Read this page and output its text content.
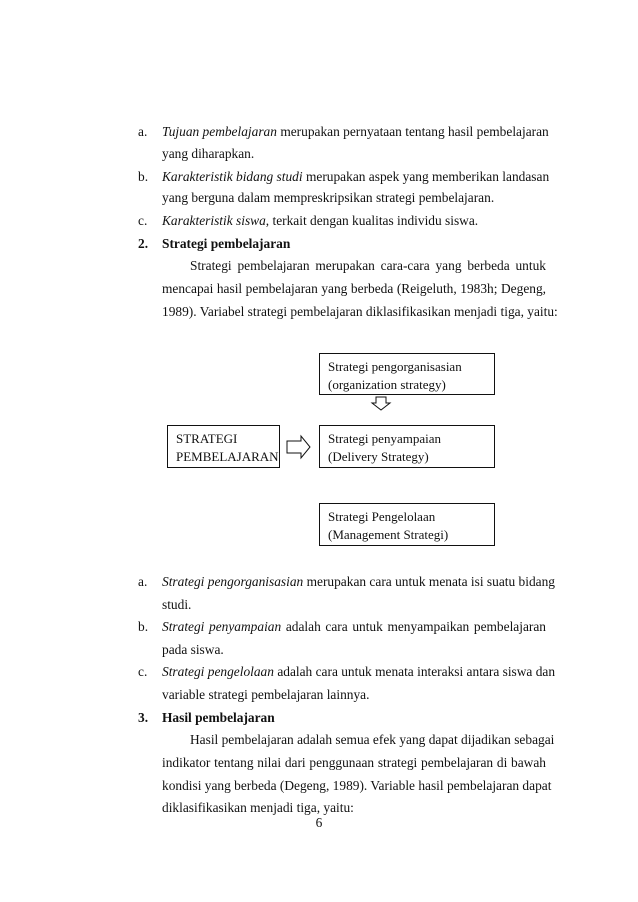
a. Tujuan pembelajaran merupakan pernyataan tentang hasil pembelajaran
yang diharapkan.
b. Karakteristik bidang studi merupakan aspek yang memberikan landasan
yang berguna dalam mempreskripsikan strategi pembelajaran.
c. Karakteristik siswa, terkait dengan kualitas individu siswa.
2. Strategi pembelajaran
Strategi pembelajaran merupakan cara-cara yang berbeda untuk
mencapai hasil pembelajaran yang berbeda (Reigeluth, 1983h; Degeng,
1989). Variabel strategi pembelajaran diklasifikasikan menjadi tiga, yaitu:
Strategi pengorganisasian
(organization strategy)
STRATEGI
PEMBELAJARAN
Strategi penyampaian
(Delivery Strategy)
Strategi Pengelolaan
(Management Strategi)
a. Strategi pengorganisasian merupakan cara untuk menata isi suatu bidang
studi.
b. Strategi penyampaian adalah cara untuk menyampaikan pembelajaran
pada siswa.
c. Strategi pengelolaan adalah cara untuk menata interaksi antara siswa dan
variable strategi pembelajaran lainnya.
3. Hasil pembelajaran
Hasil pembelajaran adalah semua efek yang dapat dijadikan sebagai
indikator tentang nilai dari penggunaan strategi pembelajaran di bawah
kondisi yang berbeda (Degeng, 1989). Variable hasil pembelajaran dapat
diklasifikasikan menjadi tiga, yaitu:
6
